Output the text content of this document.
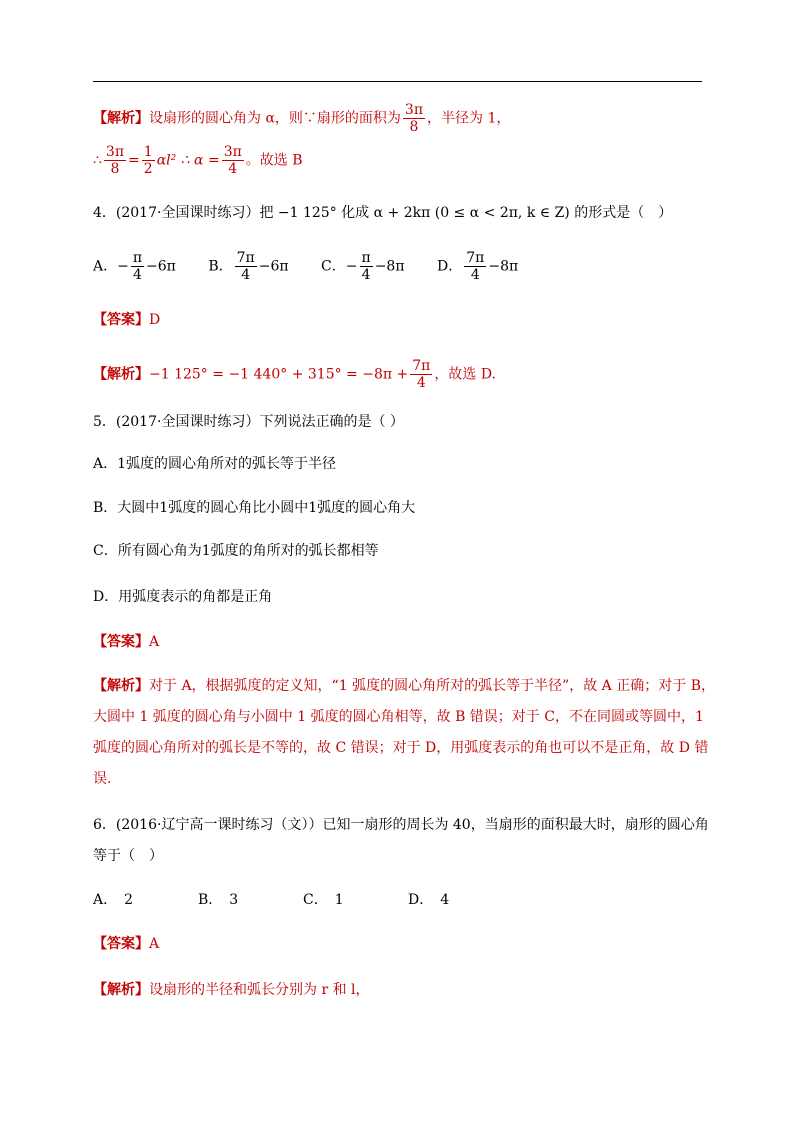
【解析】设扇形的圆心角为 α，则∵扇形的面积为 $\frac{3\pi}{8}$ ，半径为 1，
∴ $\frac{3\pi}{8} = \frac{1}{2} \alpha l^2$ ∴ $\alpha = \frac{3\pi}{4}$ 。故选 B
4．(2017·全国课时练习）把 −1 125° 化成 α + 2kπ (0 ≤ α < 2π, k ∈ Z) 的形式是（　）
A．− $\frac{\pi}{4} -6\pi$ B． $\frac{7\pi}{4} -6\pi$ C．− $\frac{\pi}{4} -8\pi$ D． $\frac{7\pi}{4} -8\pi$
【答案】D
【解析】−1 125° = −1 $440^\circ + 315^\circ = -8\pi + \frac{7\pi}{4}$ ，故选 D.
5．(2017·全国课时练习）下列说法正确的是（ ）
A．1弧度的圆心角所对的弧长等于半径
B．大圆中1弧度的圆心角比小圆中1弧度的圆心角大
C．所有圆心角为1弧度的角所对的弧长都相等
D．用弧度表示的角都是正角
【答案】A
【解析】对于 A，根据弧度的定义知，“1 弧度的圆心角所对的弧长等于半径”，故 A 正确；对于 B，
大圆中 1 弧度的圆心角与小圆中 1 弧度的圆心角相等，故 B 错误；对于 C，不在同圆或等圆中，1
弧度的圆心角所对的弧长是不等的，故 C 错误；对于 D，用弧度表示的角也可以不是正角，故 D 错
误.
6．(2016·辽宁高一课时练习（文））已知一扇形的周长为 40，当扇形的面积最大时，扇形的圆心角
等于（　）
A．　2	B．　3	C．　1	D．　4
【答案】A
【解析】设扇形的半径和弧长分别为 r 和 l，
